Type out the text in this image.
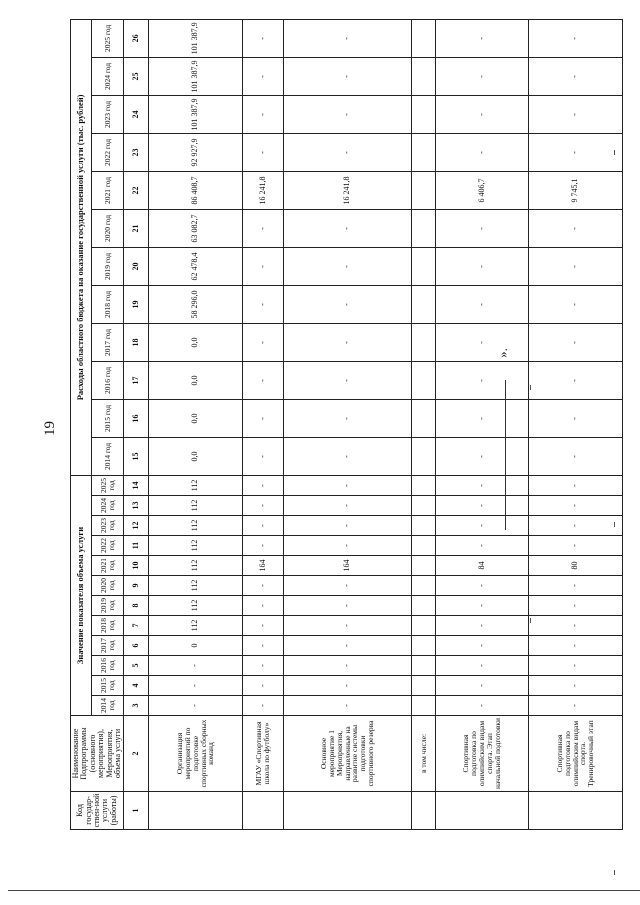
19
Код государ-ствен-ной услуги (работы)	Наименование Подпрограммы (основного мероприятия), Мероприятия, объема услуги	Значение показателя объема услуги												Расходы областного бюджета на оказание государственной услуги (тыс. рублей)											
		2014 год	2015 год	2016 год	2017 год	2018 год	2019 год	2020 год	2021 год	2022 год	2023 год	2024 год	2025 год	2014 год	2015 год	2016 год	2017 год	2018 год	2019 год	2020 год	2021 год	2022 год	2023 год	2024 год	2025 год
1	2	3	4	5	6	7	8	9	10	11	12	13	14	15	16	17	18	19	20	21	22	23	24	25	26
	Организация мероприятий по подготовке спортивных сборных команд	-	-	-	0	112	112	112	112	112	112	112	112	0,0	0,0	0,0	0,0	58 296,0	62 478,4	63 082,7	86 408,7	92 927,9	101 387,9	101 387,9	101 387,9
	МГАУ «Спортивная школа по футболу»	-	-	-	-	-	-	-	164	-	-	-	-	-	-	-	-	-	-	-	16 241,8	-	-	-	-
	Основное мероприятие 1 Мероприятия, направленные на развитие системы подготовки спортивного резерва	-	-	-	-	-	-	-	164	-	-	-	-	-	-	-	-	-	-	-	16 241,8	-	-	-	-
	в том числе:																								
	Спортивная подготовка по олимпийским видам спорта. Этап начальной подготовки	-	-	-	-	-	-	-	84	-	-	-	-	-	-	-	-	-	-	-	6 406,7	-	-	-	-
	Спортивная подготовка по олимпийским видам спорта. Тренировочный этап	-	-	-	-	-	-	-	80	-	-	-	-	-	-	-	-	-	-	-	9 745,1	-	-	-	-
».
